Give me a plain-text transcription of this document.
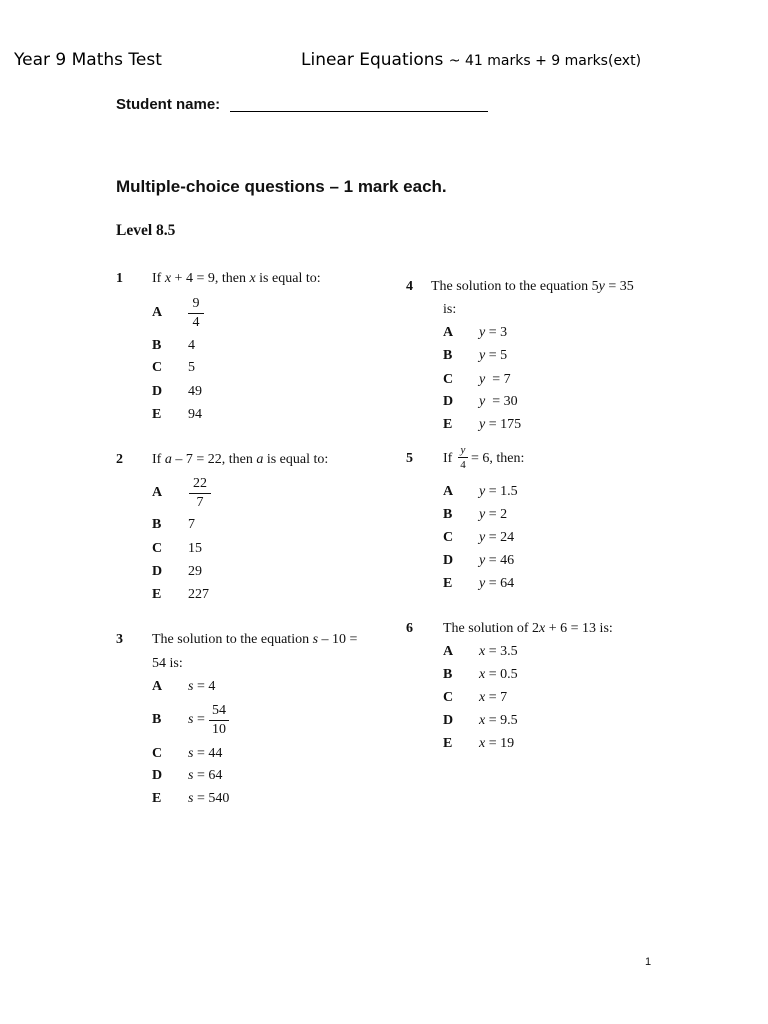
Year 9 Maths Test	Linear Equations ~ 41 marks + 9 marks(ext)
Student name:
Multiple-choice questions – 1 mark each.
Level 8.5
1 If x + 4 = 9, then x is equal to:
A
9
4
B 4
C 5
D 49
E 94
2 If a – 7 = 22, then a is equal to:
A
22
7
B 7
C 15
D 29
E 227
3 The solution to the equation s – 10 =
54 is:
A s = 4
B s =
54
10
C s = 44
D s = 64
E s = 540
4 The solution to the equation 5y = 35
is:
A y = 3
B y = 5
C y  = 7
D y  = 30
E y = 175
5 If
y
4 = 6, then:
A y = 1.5
B y = 2
C y = 24
D y = 46
E y = 64
6 The solution of 2x + 6 = 13 is:
A x = 3.5
B x = 0.5
C x = 7
D x = 9.5
E x = 19
1
